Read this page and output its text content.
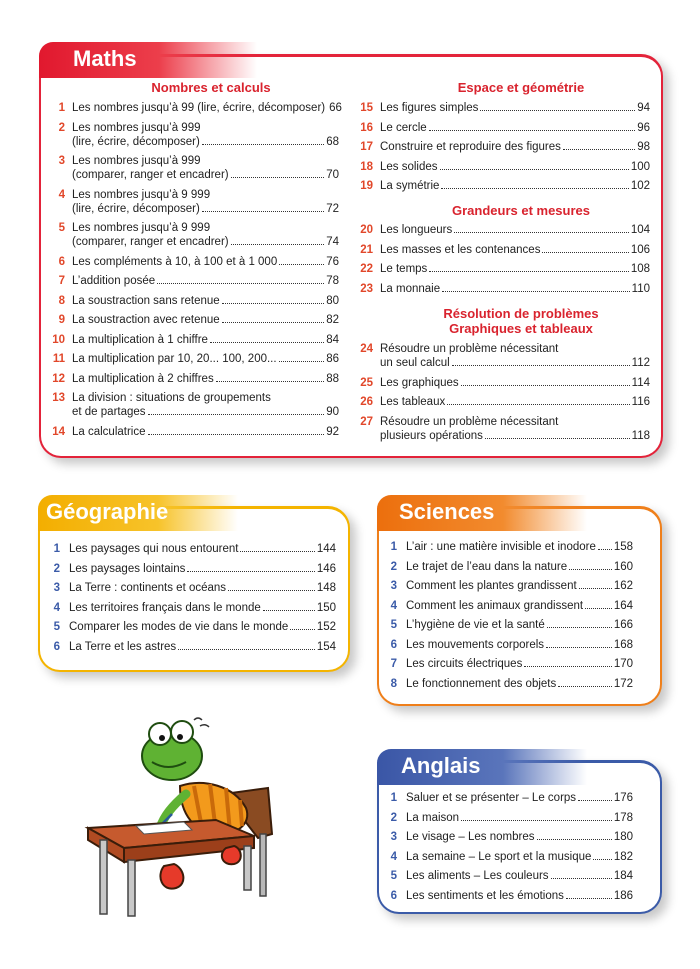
Maths
Nombres et calculs
1 Les nombres jusqu’à 99 (lire, écrire, décomposer) 66
2 Les nombres jusqu’à 999
(lire, écrire, décomposer)	68
3 Les nombres jusqu’à 999
(comparer, ranger et encadrer)	70
4 Les nombres jusqu’à 9 999
(lire, écrire, décomposer)	72
5 Les nombres jusqu’à 9 999
(comparer, ranger et encadrer)	74
6 Les compléments à 10, à 100 et à 1 000	76
7 L’addition posée	78
8 La soustraction sans retenue	80
9 La soustraction avec retenue	82
10 La multiplication à 1 chiffre	84
11 La multiplication par 10, 20... 100, 200...	86
12 La multiplication à 2 chiffres	88
13 La division : situations de groupements
et de partages	90
14 La calculatrice	92
Espace et géométrie
15 Les figures simples	94
16 Le cercle	96
17 Construire et reproduire des figures	98
18 Les solides	100
19 La symétrie	102
Grandeurs et mesures
20 Les longueurs	104
21 Les masses et les contenances	106
22 Le temps	108
23 La monnaie	110
Résolution de problèmes
Graphiques et tableaux
24 Résoudre un problème nécessitant
un seul calcul	112
25 Les graphiques	114
26 Les tableaux	116
27 Résoudre un problème nécessitant
plusieurs opérations	118
Géographie
1 Les paysages qui nous entourent	144
2 Les paysages lointains	146
3 La Terre : continents et océans	148
4 Les territoires français dans le monde	150
5 Comparer les modes de vie dans le monde 152
6 La Terre et les astres	154
Sciences
1 L’air : une matière invisible et inodore 158
2 Le trajet de l’eau dans la nature	160
3 Comment les plantes grandissent	162
4 Comment les animaux grandissent	164
5 L’hygiène de vie et la santé	166
6 Les mouvements corporels	168
7 Les circuits électriques	170
8 Le fonctionnement des objets	172
Anglais
1 Saluer et se présenter – Le corps	176
2 La maison	178
3 Le visage – Les nombres	180
4 La semaine – Le sport et la musique 182
5 Les aliments – Les couleurs	184
6 Les sentiments et les émotions	186
